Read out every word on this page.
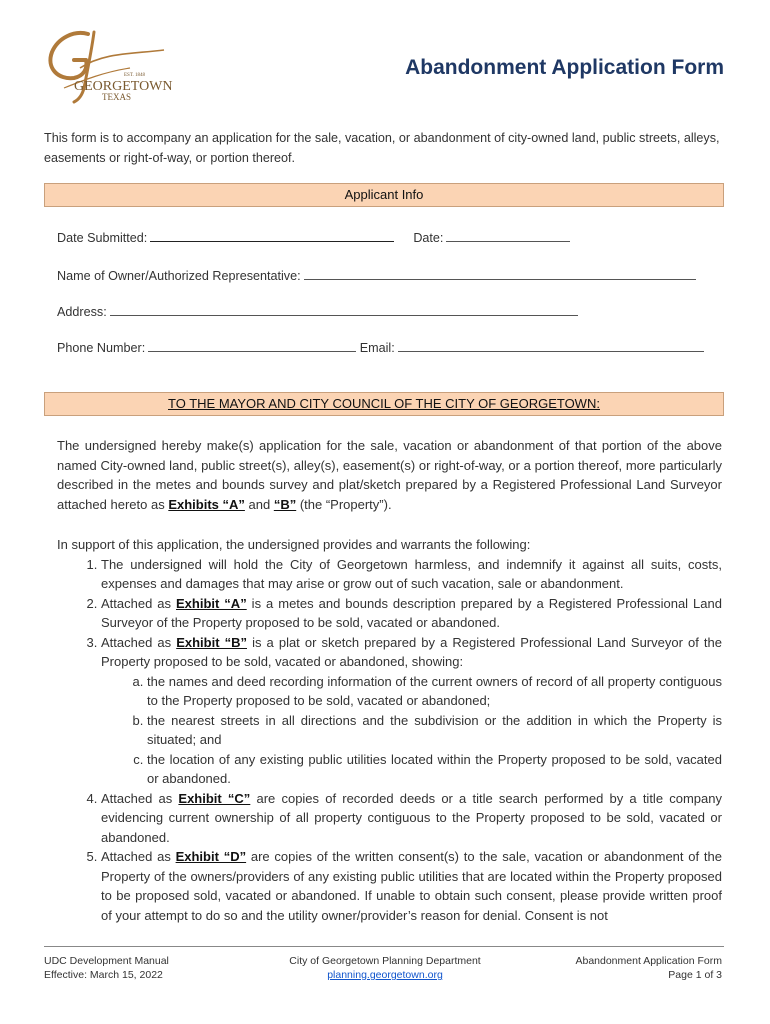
EST. 1848
GEORGETOWN
TEXAS
Abandonment Application Form
This form is to accompany an application for the sale, vacation, or abandonment of city-owned land, public streets, alleys, easements or right-of-way, or portion thereof.
Applicant Info
Date Submitted:	Date:
Name of Owner/Authorized Representative:
Address:
Phone Number:	Email:
TO THE MAYOR AND CITY COUNCIL OF THE CITY OF GEORGETOWN:
The undersigned hereby make(s) application for the sale, vacation or abandonment of that portion of the above named City-owned land, public street(s), alley(s), easement(s) or right-of-way, or a portion thereof, more particularly described in the metes and bounds survey and plat/sketch prepared by a Registered Professional Land Surveyor attached hereto as Exhibits “A” and “B” (the “Property”).
In support of this application, the undersigned provides and warrants the following:
1. The undersigned will hold the City of Georgetown harmless, and indemnify it against all suits, costs, expenses and damages that may arise or grow out of such vacation, sale or abandonment.
2. Attached as Exhibit “A” is a metes and bounds description prepared by a Registered Professional Land Surveyor of the Property proposed to be sold, vacated or abandoned.
3. Attached as Exhibit “B” is a plat or sketch prepared by a Registered Professional Land Surveyor of the Property proposed to be sold, vacated or abandoned, showing:
a. the names and deed recording information of the current owners of record of all property contiguous to the Property proposed to be sold, vacated or abandoned;
b. the nearest streets in all directions and the subdivision or the addition in which the Property is situated; and
c. the location of any existing public utilities located within the Property proposed to be sold, vacated or abandoned.
4. Attached as Exhibit “C” are copies of recorded deeds or a title search performed by a title company evidencing current ownership of all property contiguous to the Property proposed to be sold, vacated or abandoned.
5. Attached as Exhibit “D” are copies of the written consent(s) to the sale, vacation or abandonment of the Property of the owners/providers of any existing public utilities that are located within the Property proposed to be proposed sold, vacated or abandoned. If unable to obtain such consent, please provide written proof of your attempt to do so and the utility owner/provider’s reason for denial. Consent is not
UDC Development Manual
Effective: March 15, 2022
City of Georgetown Planning Department
planning.georgetown.org
Abandonment Application Form
Page 1 of 3
